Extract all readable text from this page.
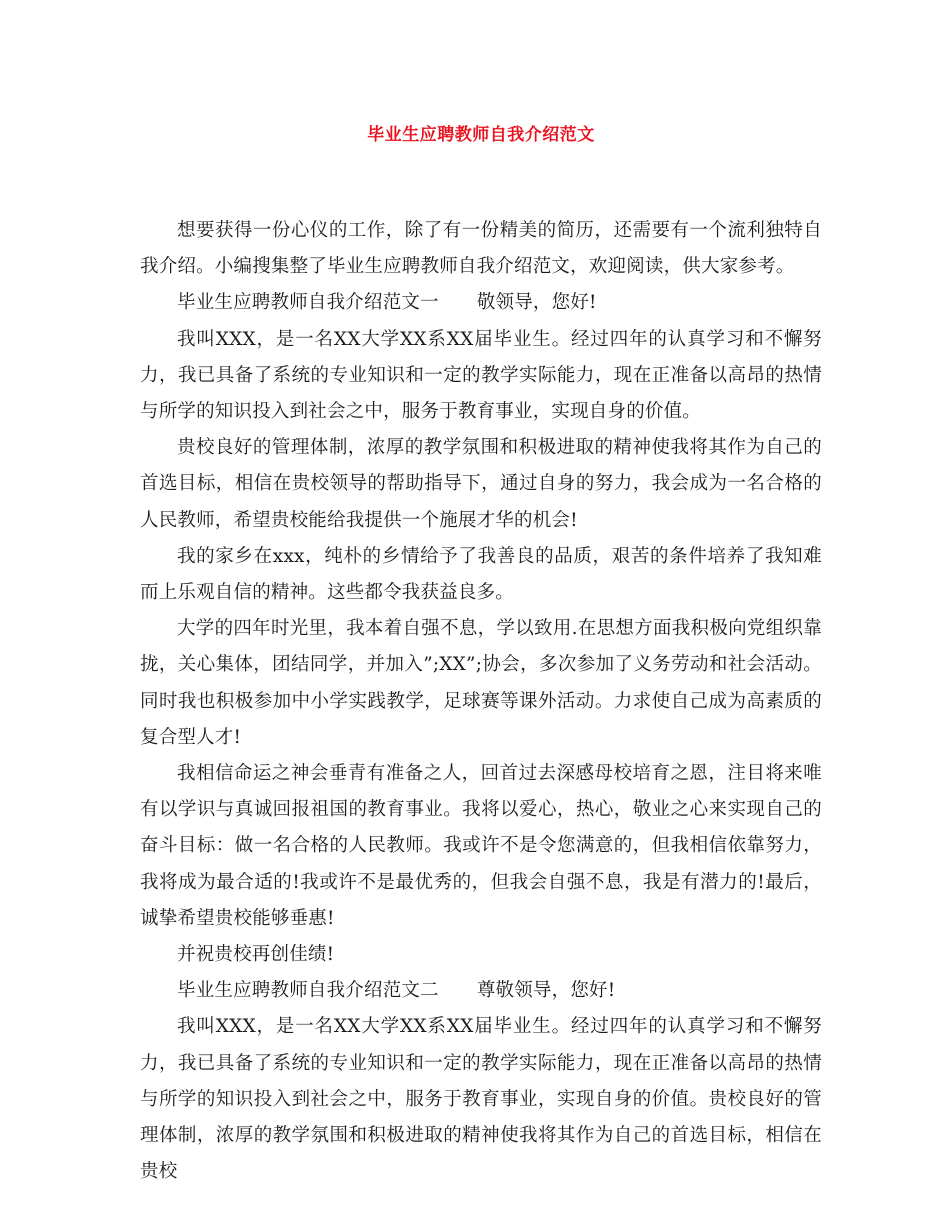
毕业生应聘教师自我介绍范文

想要获得一份心仪的工作，除了有一份精美的简历，还需要有一个流利独特自我介绍。小编搜集整了毕业生应聘教师自我介绍范文，欢迎阅读，供大家参考。

毕业生应聘教师自我介绍范文一 敬领导，您好!

我叫XXX，是一名XX大学XX系XX届毕业生。经过四年的认真学习和不懈努力，我已具备了系统的专业知识和一定的教学实际能力，现在正准备以高昂的热情与所学的知识投入到社会之中，服务于教育事业，实现自身的价值。

贵校良好的管理体制，浓厚的教学氛围和积极进取的精神使我将其作为自己的首选目标，相信在贵校领导的帮助指导下，通过自身的努力，我会成为一名合格的人民教师，希望贵校能给我提供一个施展才华的机会!

我的家乡在xxx，纯朴的乡情给予了我善良的品质，艰苦的条件培养了我知难而上乐观自信的精神。这些都令我获益良多。

大学的四年时光里，我本着自强不息，学以致用.在思想方面我积极向党组织靠拢，关心集体，团结同学，并加入”;XX”;协会，多次参加了义务劳动和社会活动。同时我也积极参加中小学实践教学，足球赛等课外活动。力求使自己成为高素质的复合型人才!

我相信命运之神会垂青有准备之人，回首过去深感母校培育之恩，注目将来唯有以学识与真诚回报祖国的教育事业。我将以爱心，热心，敬业之心来实现自己的奋斗目标：做一名合格的人民教师。我或许不是令您满意的，但我相信依靠努力，我将成为最合适的!我或许不是最优秀的，但我会自强不息，我是有潜力的!最后，诚挚希望贵校能够垂惠!

并祝贵校再创佳绩!

毕业生应聘教师自我介绍范文二 尊敬领导，您好!

我叫XXX，是一名XX大学XX系XX届毕业生。经过四年的认真学习和不懈努力，我已具备了系统的专业知识和一定的教学实际能力，现在正准备以高昂的热情与所学的知识投入到社会之中，服务于教育事业，实现自身的价值。贵校良好的管理体制，浓厚的教学氛围和积极进取的精神使我将其作为自己的首选目标，相信在贵校
